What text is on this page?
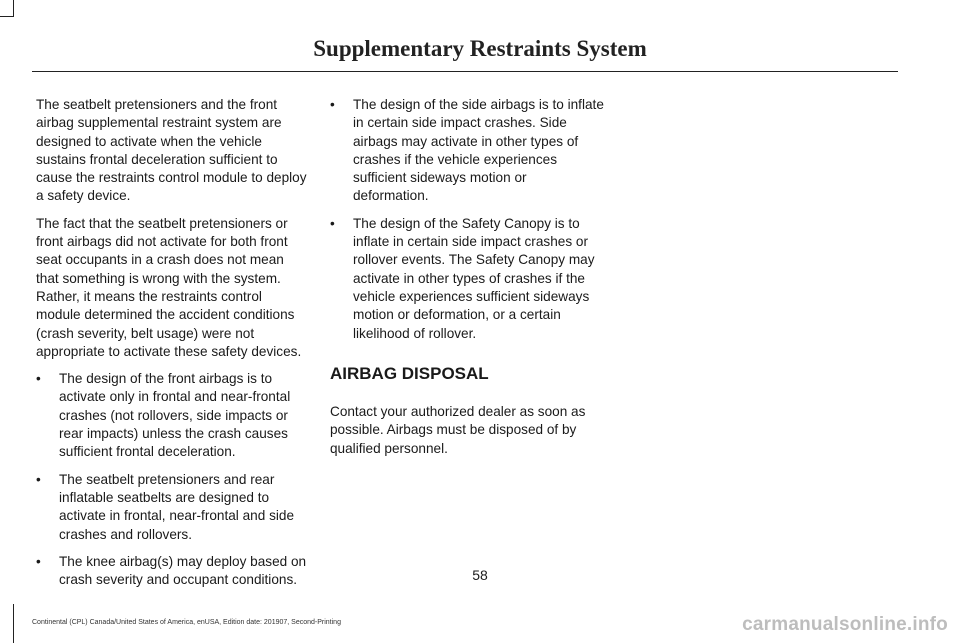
Supplementary Restraints System

The seatbelt pretensioners and the front airbag supplemental restraint system are designed to activate when the vehicle sustains frontal deceleration sufficient to cause the restraints control module to deploy a safety device.

The fact that the seatbelt pretensioners or front airbags did not activate for both front seat occupants in a crash does not mean that something is wrong with the system. Rather, it means the restraints control module determined the accident conditions (crash severity, belt usage) were not appropriate to activate these safety devices.

• The design of the front airbags is to activate only in frontal and near-frontal crashes (not rollovers, side impacts or rear impacts) unless the crash causes sufficient frontal deceleration.
• The seatbelt pretensioners and rear inflatable seatbelts are designed to activate in frontal, near-frontal and side crashes and rollovers.
• The knee airbag(s) may deploy based on crash severity and occupant conditions.
• The design of the side airbags is to inflate in certain side impact crashes. Side airbags may activate in other types of crashes if the vehicle experiences sufficient sideways motion or deformation.
• The design of the Safety Canopy is to inflate in certain side impact crashes or rollover events. The Safety Canopy may activate in other types of crashes if the vehicle experiences sufficient sideways motion or deformation, or a certain likelihood of rollover.
AIRBAG DISPOSAL

Contact your authorized dealer as soon as possible. Airbags must be disposed of by qualified personnel.

58
Continental (CPL) Canada/United States of America, enUSA, Edition date: 201907, Second-Printing	carmanualsonline.info
